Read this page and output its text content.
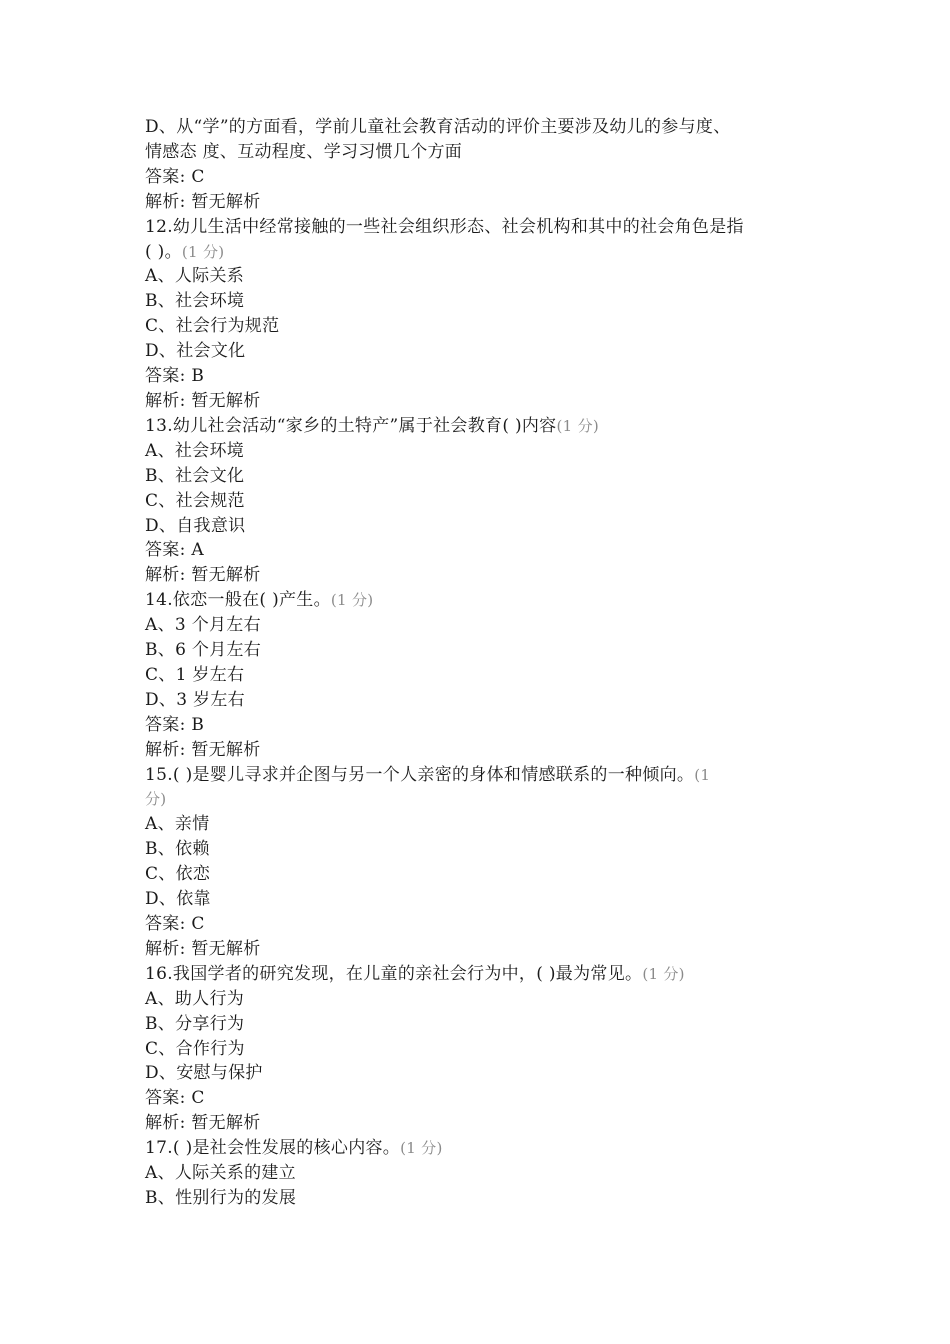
D、从“学”的方面看，学前儿童社会教育活动的评价主要涉及幼儿的参与度、
情感态 度、互动程度、学习习惯几个方面
答案: C
解析: 暂无解析
12.幼儿生活中经常接触的一些社会组织形态、社会机构和其中的社会角色是指
( )。(1 分)
A、人际关系
B、社会环境
C、社会行为规范
D、社会文化
答案: B
解析: 暂无解析
13.幼儿社会活动“家乡的土特产”属于社会教育( )内容(1 分)
A、社会环境
B、社会文化
C、社会规范
D、自我意识
答案: A
解析: 暂无解析
14.依恋一般在( )产生。(1 分)
A、3 个月左右
B、6 个月左右
C、1 岁左右
D、3 岁左右
答案: B
解析: 暂无解析
15.( )是婴儿寻求并企图与另一个人亲密的身体和情感联系的一种倾向。(1
分)
A、亲情
B、依赖
C、依恋
D、依靠
答案: C
解析: 暂无解析
16.我国学者的研究发现，在儿童的亲社会行为中，( )最为常见。(1 分)
A、助人行为
B、分享行为
C、合作行为
D、安慰与保护
答案: C
解析: 暂无解析
17.( )是社会性发展的核心内容。(1 分)
A、人际关系的建立
B、性别行为的发展
